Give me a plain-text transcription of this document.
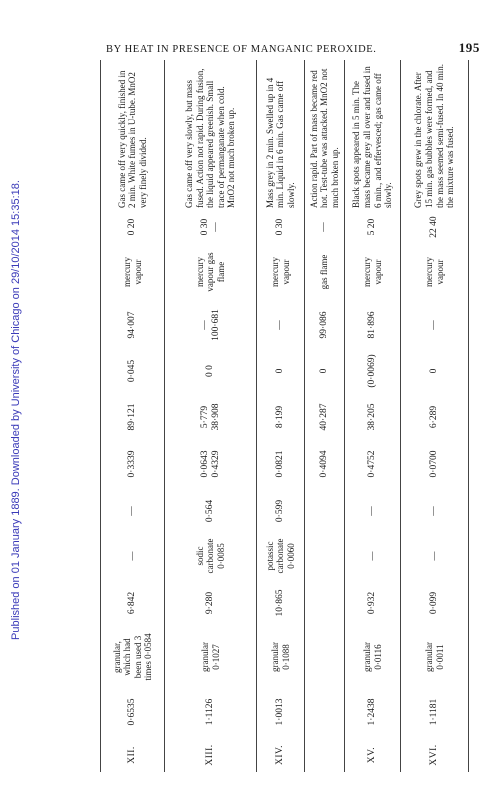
BY HEAT IN PRESENCE OF MANGANIC PEROXIDE.	195
Published on 01 January 1889. Downloaded by University of Chicago on 29/10/2014 15:35:18.
XII.	0·6535	granular, which had been used 3 times 0·0584	6·842	—	—	0·3339	89·121	0·045	94·007	mercury vapour	0 20	Gas came off very quickly, finished in 2 min. White fumes in U-tube. MnO2 very finely divided.
XIII.	1·1126	granular 0·1027	9·280	sodic carbonate 0·0085	0·564	0·0643 0·4329	5·779 38·908	0 0	— 100·681	mercury vapour gas flame	0 30 —	Gas came off very slowly, but mass fused. Action not rapid. During fusion, the liquid appeared greenish. Small trace of permanganate when cold. MnO2 not much broken up.
XIV.	1·0013	granular 0·1088	10·865	potassic carbonate 0·0060	0·599	0·0821	8·199	0	—	mercury vapour	0 30	Mass grey in 2 min. Swelled up in 4 min. Liquid in 6 min. Gas came off slowly.
						0·4094	40·287	0	99·086	gas flame	—	Action rapid. Part of mass became red hot. Test-tube was attacked. MnO2 not much broken up.
XV.	1·2438	granular 0·0116	0·932	—	—	0·4752	38·205	(0·0069)	81·896	mercury vapour	5 20	Black spots appeared in 5 min. The mass became grey all over and fused in 6 min., and effervesced; gas came off slowly.
XVI.	1·1181	granular 0·0011	0·099	—	—	0·0700	6·289	0	—	mercury vapour	22 40	Grey spots grew in the chlorate. After 15 min. gas bubbles were formed, and the mass seemed semi-fused. In 40 min. the mixture was fused.
